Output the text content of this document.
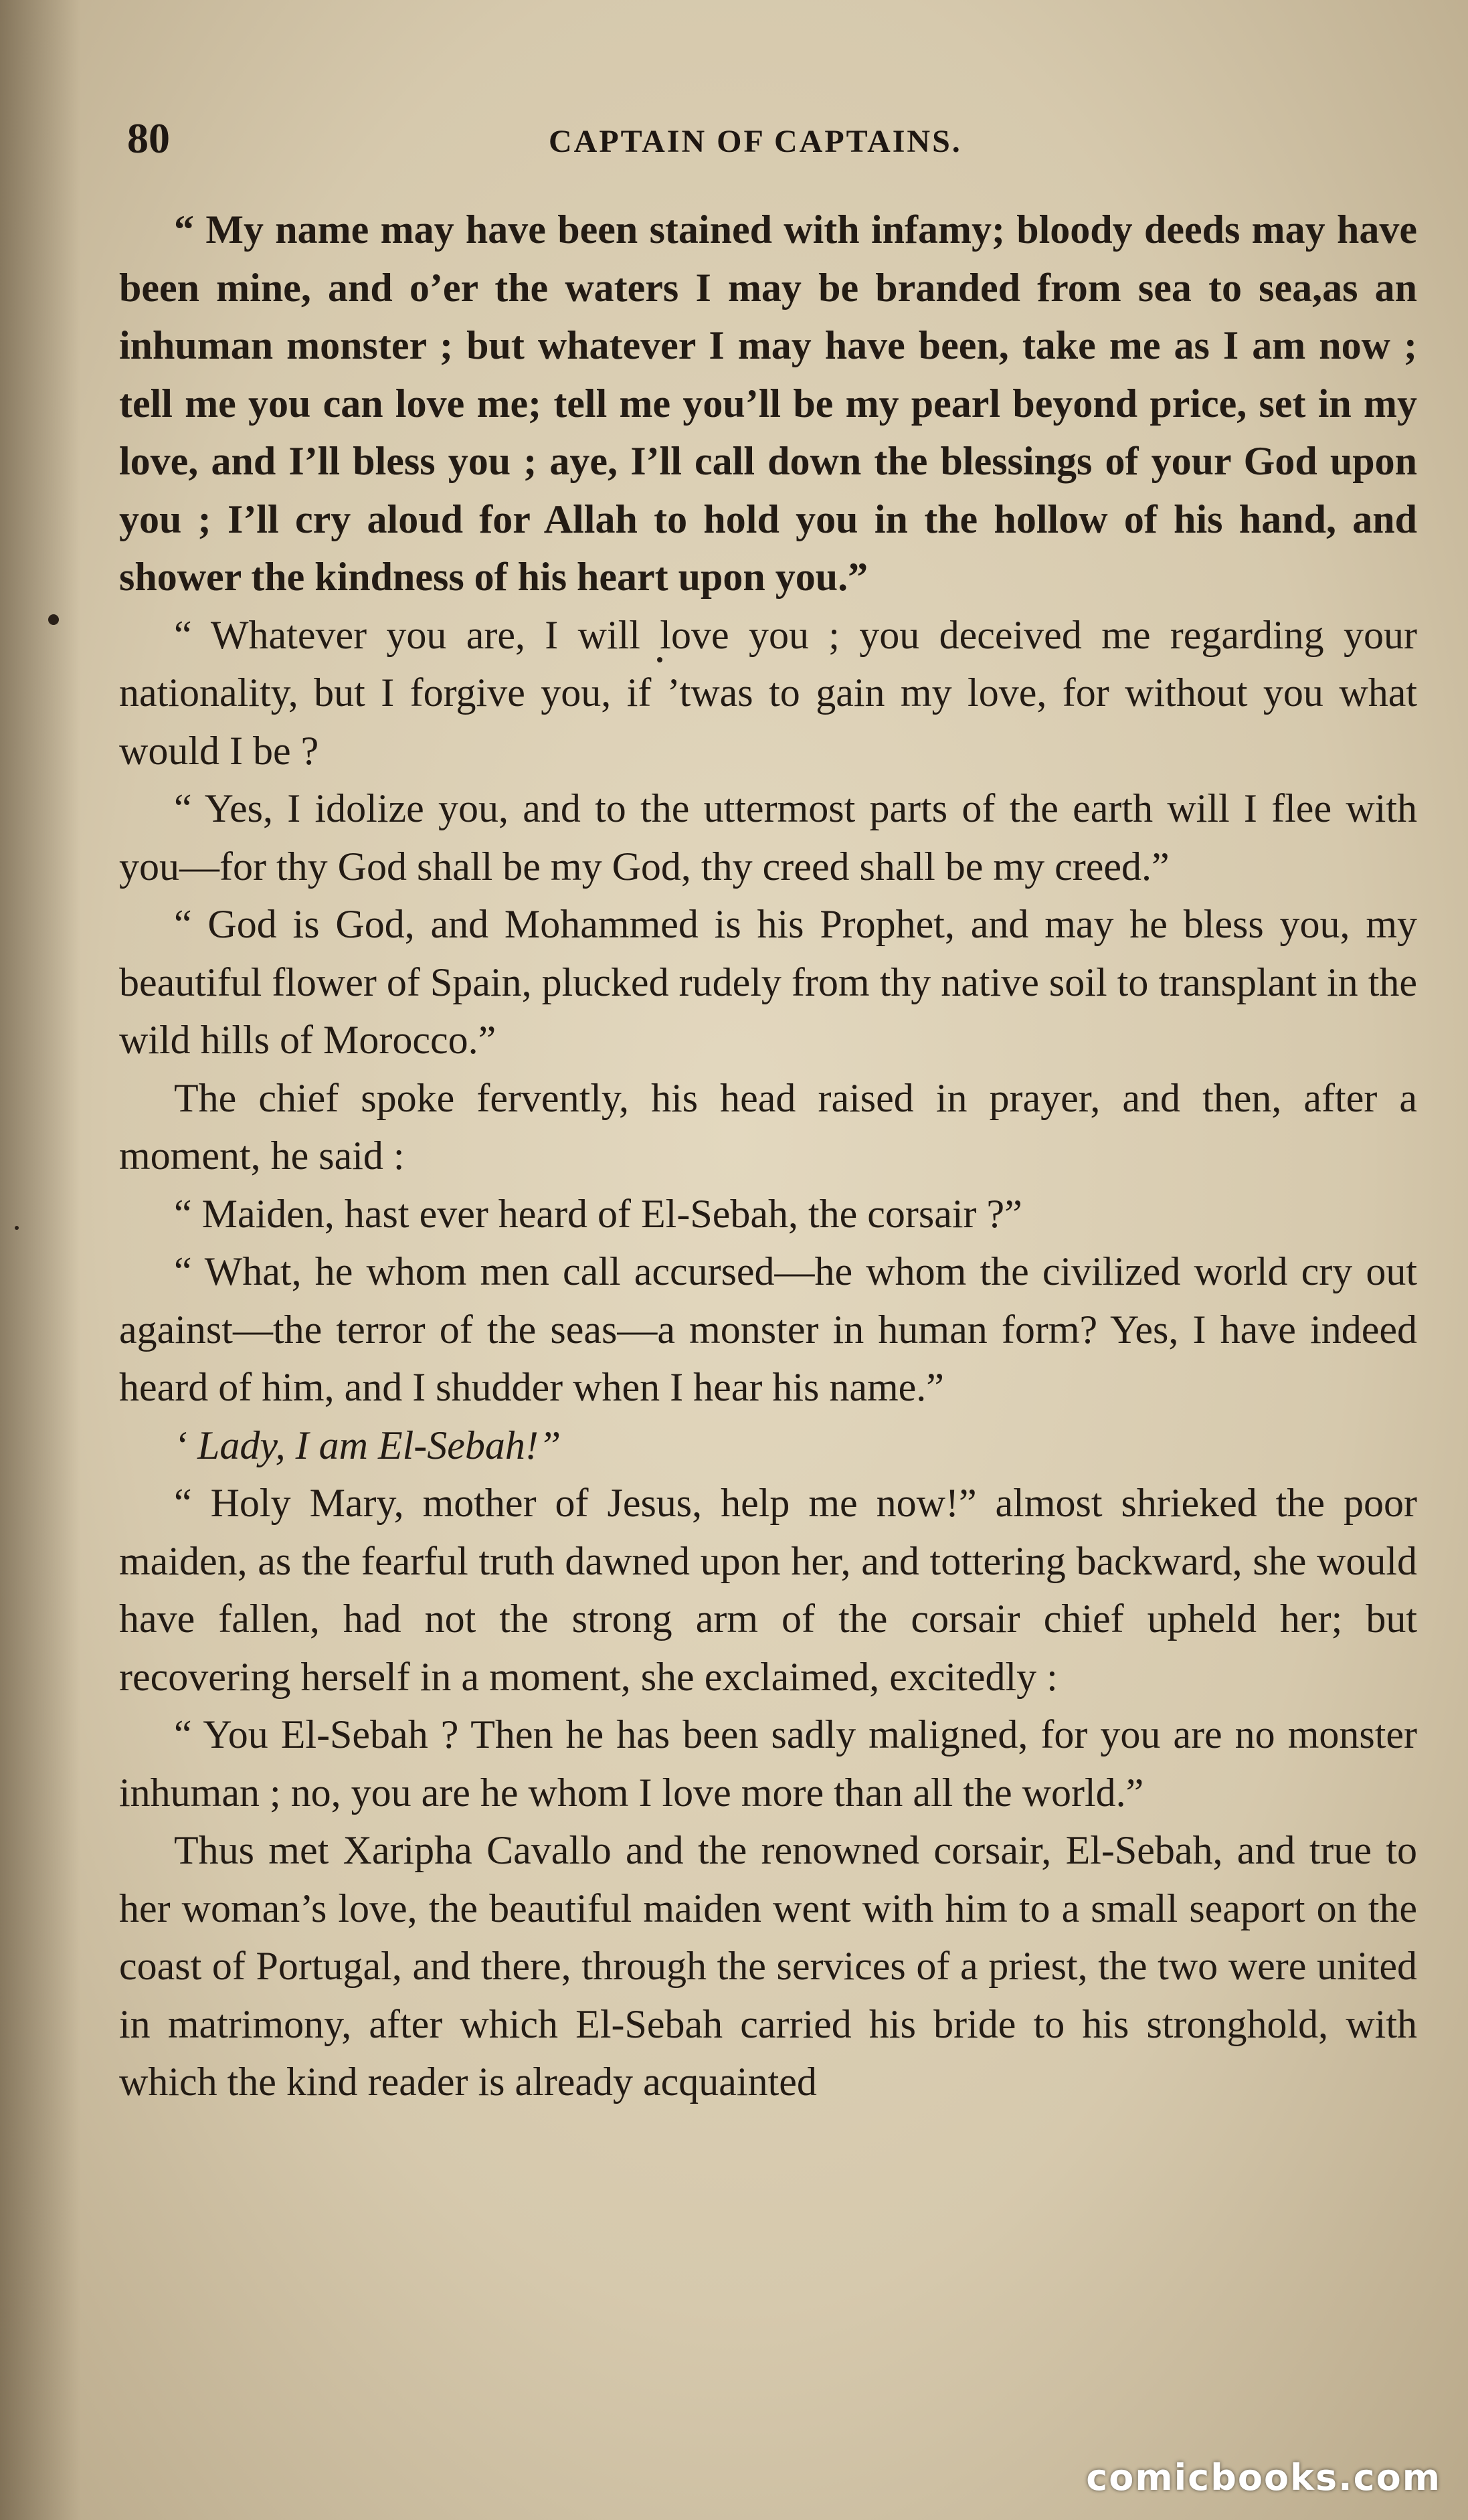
80	CAPTAIN OF CAPTAINS.

“ My name may have been stained with infamy; bloody deeds may have been mine, and o’er the waters I may be branded from sea to sea,as an inhuman monster ; but whatever I may have been, take me as I am now ; tell me you can love me; tell me you’ll be my pearl beyond price, set in my love, and I’ll bless you ; aye, I’ll call down the blessings of your God upon you ; I’ll cry aloud for Allah to hold you in the hollow of his hand, and shower the kindness of his heart upon you.”

“ Whatever you are, I will love you ; you deceived me regarding your nationality, but I forgive you, if ’twas to gain my love, for without you what would I be ?

“ Yes, I idolize you, and to the uttermost parts of the earth will I flee with you—for thy God shall be my God, thy creed shall be my creed.”

“ God is God, and Mohammed is his Prophet, and may he bless you, my beautiful flower of Spain, plucked rudely from thy native soil to transplant in the wild hills of Morocco.”

The chief spoke fervently, his head raised in prayer, and then, after a moment, he said :

“ Maiden, hast ever heard of El-Sebah, the corsair ?”

“ What, he whom men call accursed—he whom the civilized world cry out against—the terror of the seas—a monster in human form? Yes, I have indeed heard of him, and I shudder when I hear his name.”

‘ Lady, I am El-Sebah!”

“ Holy Mary, mother of Jesus, help me now!” almost shrieked the poor maiden, as the fearful truth dawned upon her, and tottering backward, she would have fallen, had not the strong arm of the corsair chief upheld her; but recovering herself in a moment, she exclaimed, excitedly :

“ You El-Sebah ? Then he has been sadly maligned, for you are no monster inhuman ; no, you are he whom I love more than all the world.”

Thus met Xaripha Cavallo and the renowned corsair, El-Sebah, and true to her woman’s love, the beautiful maiden went with him to a small seaport on the coast of Portugal, and there, through the services of a priest, the two were united in matrimony, after which El-Sebah carried his bride to his stronghold, with which the kind reader is already acquainted

comicbooks.com
